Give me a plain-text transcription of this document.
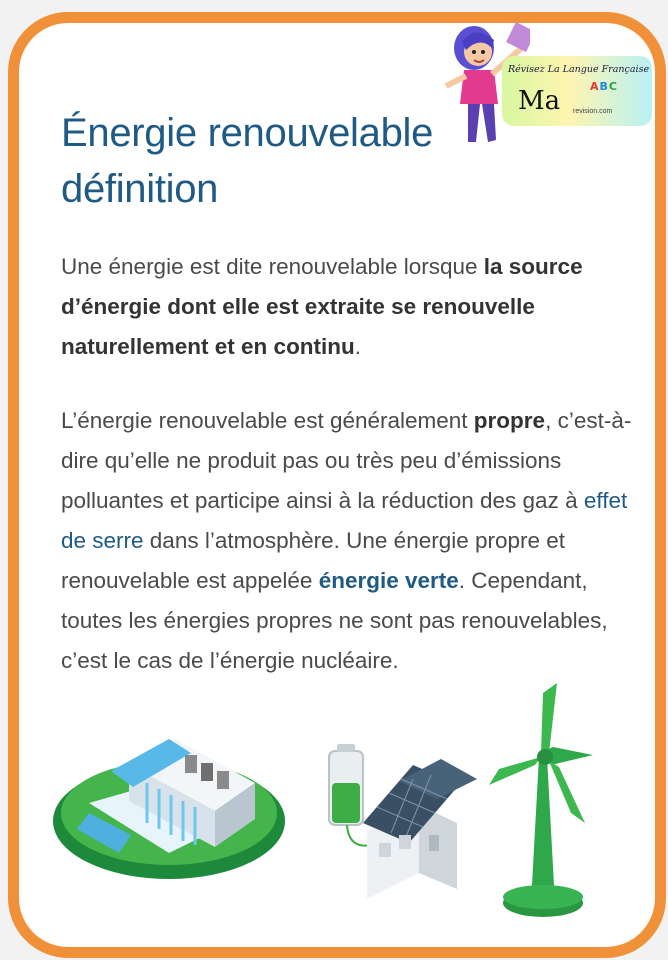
Énergie renouvelable
définition

Une énergie est dite renouvelable lorsque la source d’énergie dont elle est extraite se renouvelle naturellement et en continu.

L’énergie renouvelable est généralement propre, c’est-à-dire qu’elle ne produit pas ou très peu d’émissions polluantes et participe ainsi à la réduction des gaz à effet de serre dans l’atmosphère. Une énergie propre et renouvelable est appelée énergie verte. Cependant, toutes les énergies propres ne sont pas renouvelables, c’est le cas de l’énergie nucléaire.

Révisez La Langue Française
Ma	ABC
revision.com
